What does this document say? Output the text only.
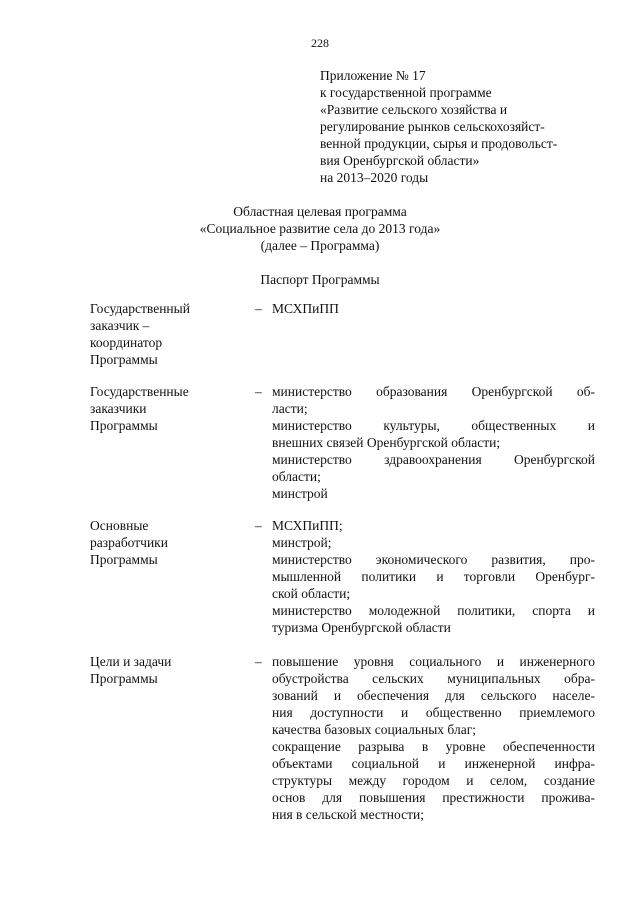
228
Приложение № 17
к государственной программе
«Развитие сельского хозяйства и
регулирование рынков сельскохозяйст-
венной продукции, сырья и продовольст-
вия Оренбургской области»
на 2013–2020 годы
Областная целевая программа
«Социальное развитие села до 2013 года»
(далее – Программа)
Паспорт Программы
Государственный
заказчик –
координатор
Программы
– МСХПиПП
Государственные
заказчики
Программы
– министерство образования Оренбургской об-
ласти;
министерство культуры, общественных и
внешних связей Оренбургской области;
министерство здравоохранения Оренбургской
области;
минстрой
Основные
разработчики
Программы
– МСХПиПП;
минстрой;
министерство экономического развития, про-
мышленной политики и торговли Оренбург-
ской области;
министерство молодежной политики, спорта и
туризма Оренбургской области
Цели и задачи
Программы
– повышение уровня социального и инженерного
обустройства сельских муниципальных обра-
зований и обеспечения для сельского населе-
ния доступности и общественно приемлемого
качества базовых социальных благ;
сокращение разрыва в уровне обеспеченности
объектами социальной и инженерной инфра-
структуры между городом и селом, создание
основ для повышения престижности прожива-
ния в сельской местности;
